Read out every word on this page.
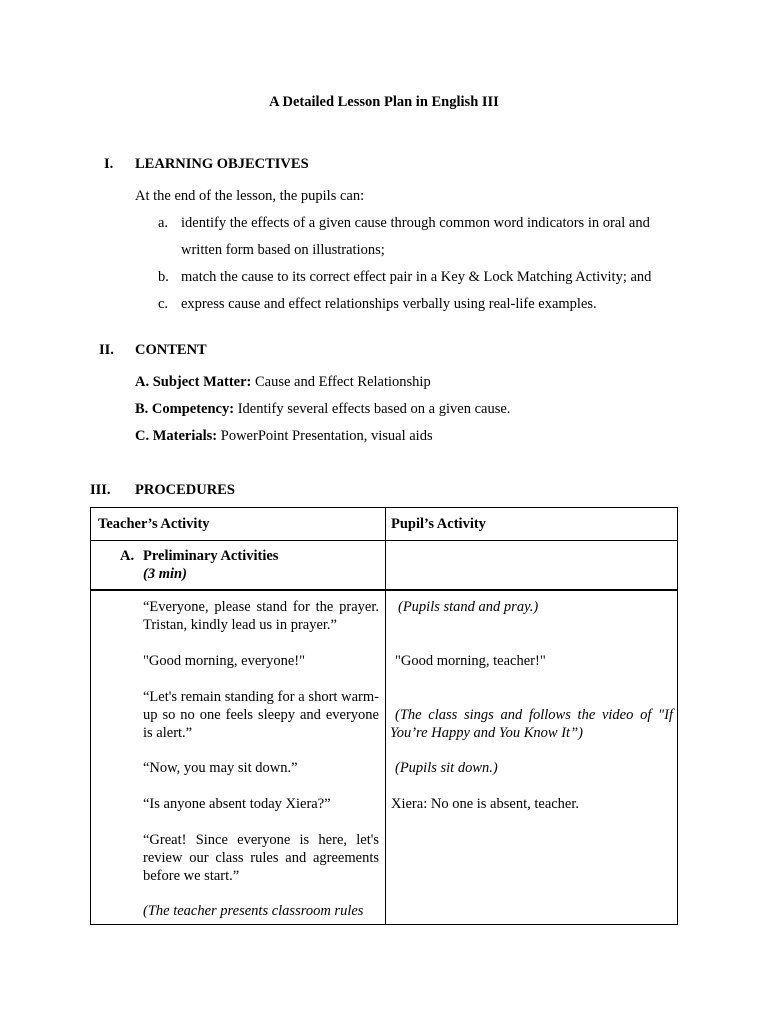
A Detailed Lesson Plan in English III
I. LEARNING OBJECTIVES
At the end of the lesson, the pupils can:
a. identify the effects of a given cause through common word indicators in oral and
written form based on illustrations;
b. match the cause to its correct effect pair in a Key & Lock Matching Activity; and
c. express cause and effect relationships verbally using real-life examples.
II. CONTENT
A. Subject Matter: Cause and Effect Relationship
B. Competency: Identify several effects based on a given cause.
C. Materials: PowerPoint Presentation, visual aids
III. PROCEDURES
Teacher’s Activity	Pupil’s Activity
A. Preliminary Activities
(3 min)
“Everyone, please stand for the prayer. Tristan, kindly lead us in prayer.”
"Good morning, everyone!"
“Let's remain standing for a short warm-up so no one feels sleepy and everyone is alert.”
“Now, you may sit down.”
“Is anyone absent today Xiera?”
“Great! Since everyone is here, let's review our class rules and agreements before we start.”
(The teacher presents classroom rules
(Pupils stand and pray.)
"Good morning, teacher!"
(The class sings and follows the video of "If You’re Happy and You Know It”)
(Pupils sit down.)
Xiera: No one is absent, teacher.
